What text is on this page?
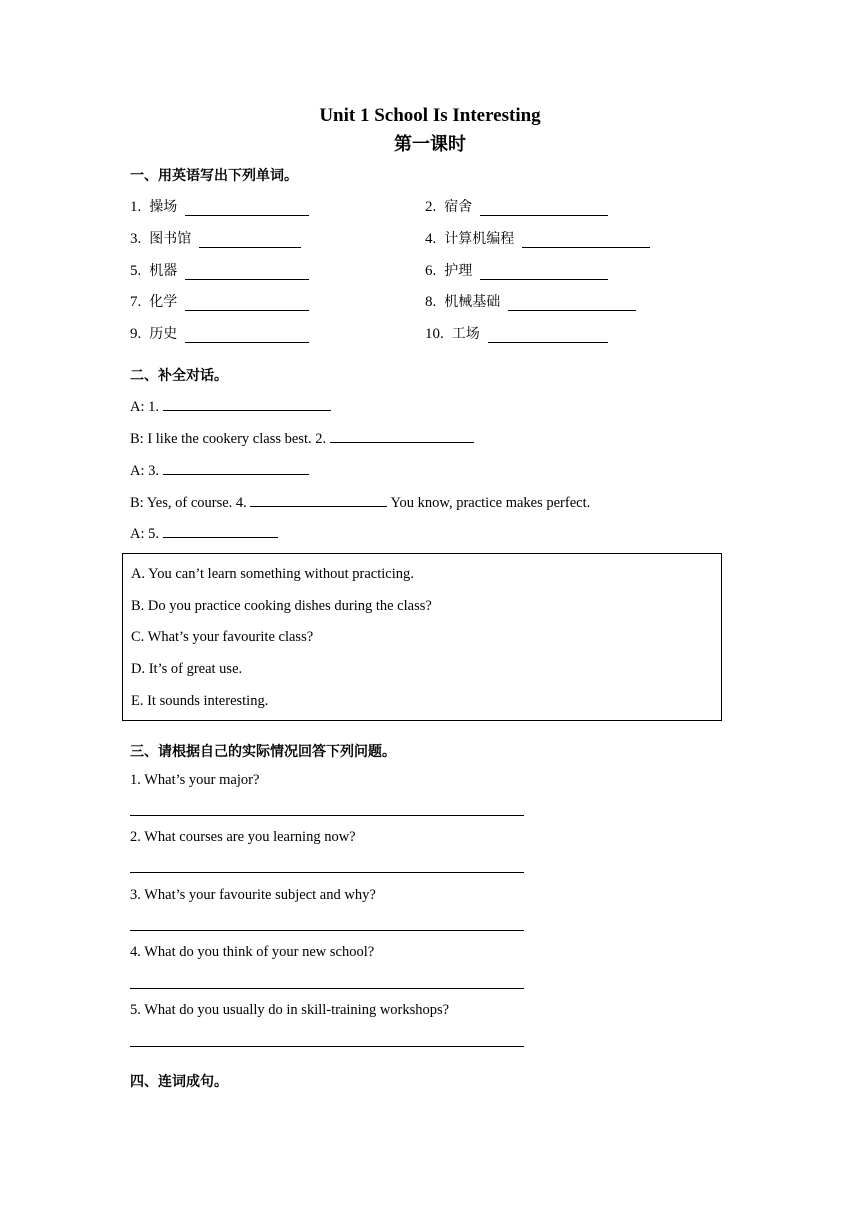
Unit 1 School Is Interesting
第一课时
一、用英语写出下列单词。
1. 操场	2. 宿舍
3. 图书馆	4. 计算机编程
5. 机器	6. 护理
7. 化学	8. 机械基础
9. 历史	10. 工场
二、补全对话。
A: 1.
B: I like the cookery class best. 2.
A: 3.
B: Yes, of course. 4.	You know, practice makes perfect.
A: 5.
A. You can’t learn something without practicing.
B. Do you practice cooking dishes during the class?
C. What’s your favourite class?
D. It’s of great use.
E. It sounds interesting.
三、请根据自己的实际情况回答下列问题。
1. What’s your major?
2. What courses are you learning now?
3. What’s your favourite subject and why?
4. What do you think of your new school?
5. What do you usually do in skill-training workshops?
四、连词成句。
